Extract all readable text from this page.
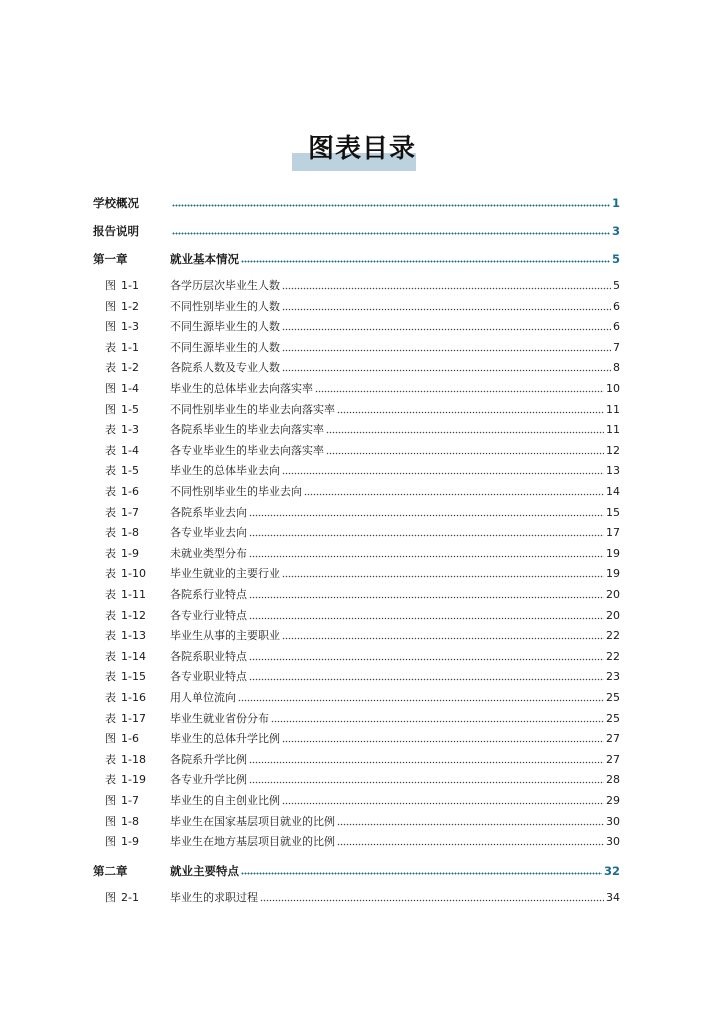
图表目录
学校概况	1
报告说明	3
第一章	就业基本情况	5
图 1-1	各学历层次毕业生人数	5
图 1-2	不同性别毕业生的人数	6
图 1-3	不同生源毕业生的人数	6
表 1-1	不同生源毕业生的人数	7
表 1-2	各院系人数及专业人数	8
图 1-4	毕业生的总体毕业去向落实率	10
图 1-5	不同性别毕业生的毕业去向落实率	11
表 1-3	各院系毕业生的毕业去向落实率	11
表 1-4	各专业毕业生的毕业去向落实率	12
表 1-5	毕业生的总体毕业去向	13
表 1-6	不同性别毕业生的毕业去向	14
表 1-7	各院系毕业去向	15
表 1-8	各专业毕业去向	17
表 1-9	未就业类型分布	19
表 1-10 毕业生就业的主要行业	19
表 1-11 各院系行业特点	20
表 1-12 各专业行业特点	20
表 1-13 毕业生从事的主要职业	22
表 1-14 各院系职业特点	22
表 1-15 各专业职业特点	23
表 1-16 用人单位流向	25
表 1-17 毕业生就业省份分布	25
图 1-6	毕业生的总体升学比例	27
表 1-18 各院系升学比例	27
表 1-19 各专业升学比例	28
图 1-7	毕业生的自主创业比例	29
图 1-8	毕业生在国家基层项目就业的比例	30
图 1-9	毕业生在地方基层项目就业的比例	30
第二章	就业主要特点	32
图 2-1	毕业生的求职过程	34
